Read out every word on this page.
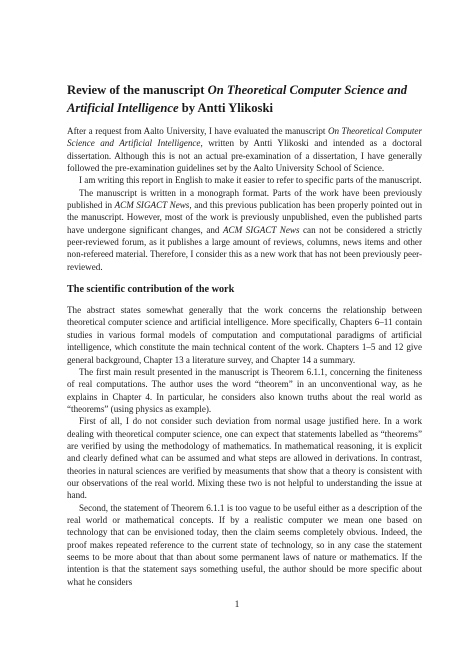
Review of the manuscript On Theoretical Computer Science and Artificial Intelligence by Antti Ylikoski

After a request from Aalto University, I have evaluated the manuscript On Theoretical Computer Science and Artificial Intelligence, written by Antti Ylikoski and intended as a doctoral dissertation. Although this is not an actual pre-examination of a dissertation, I have generally followed the pre-examination guidelines set by the Aalto University School of Science.

I am writing this report in English to make it easier to refer to specific parts of the manuscript.

The manuscript is written in a monograph format. Parts of the work have been previously published in ACM SIGACT News, and this previous publication has been properly pointed out in the manuscript. However, most of the work is previously unpublished, even the published parts have undergone significant changes, and ACM SIGACT News can not be considered a strictly peer-reviewed forum, as it publishes a large amount of reviews, columns, news items and other non-refereed material. Therefore, I consider this as a new work that has not been previously peer-reviewed.

The scientific contribution of the work

The abstract states somewhat generally that the work concerns the relationship between theoretical computer science and artificial intelligence. More specifically, Chapters 6–11 contain studies in various formal models of computation and computational paradigms of artificial intelligence, which constitute the main technical content of the work. Chapters 1–5 and 12 give general background, Chapter 13 a literature survey, and Chapter 14 a summary.

The first main result presented in the manuscript is Theorem 6.1.1, concerning the finiteness of real computations. The author uses the word “theorem” in an unconventional way, as he explains in Chapter 4. In particular, he considers also known truths about the real world as “theorems” (using physics as example).

First of all, I do not consider such deviation from normal usage justified here. In a work dealing with theoretical computer science, one can expect that statements labelled as “theorems” are verified by using the methodology of mathematics. In mathematical reasoning, it is explicit and clearly defined what can be assumed and what steps are allowed in derivations. In contrast, theories in natural sciences are verified by measuments that show that a theory is consistent with our observations of the real world. Mixing these two is not helpful to understanding the issue at hand.

Second, the statement of Theorem 6.1.1 is too vague to be useful either as a description of the real world or mathematical concepts. If by a realistic computer we mean one based on technology that can be envisioned today, then the claim seems completely obvious. Indeed, the proof makes repeated reference to the current state of technology, so in any case the statement seems to be more about that than about some permanent laws of nature or mathematics. If the intention is that the statement says something useful, the author should be more specific about what he considers

1
